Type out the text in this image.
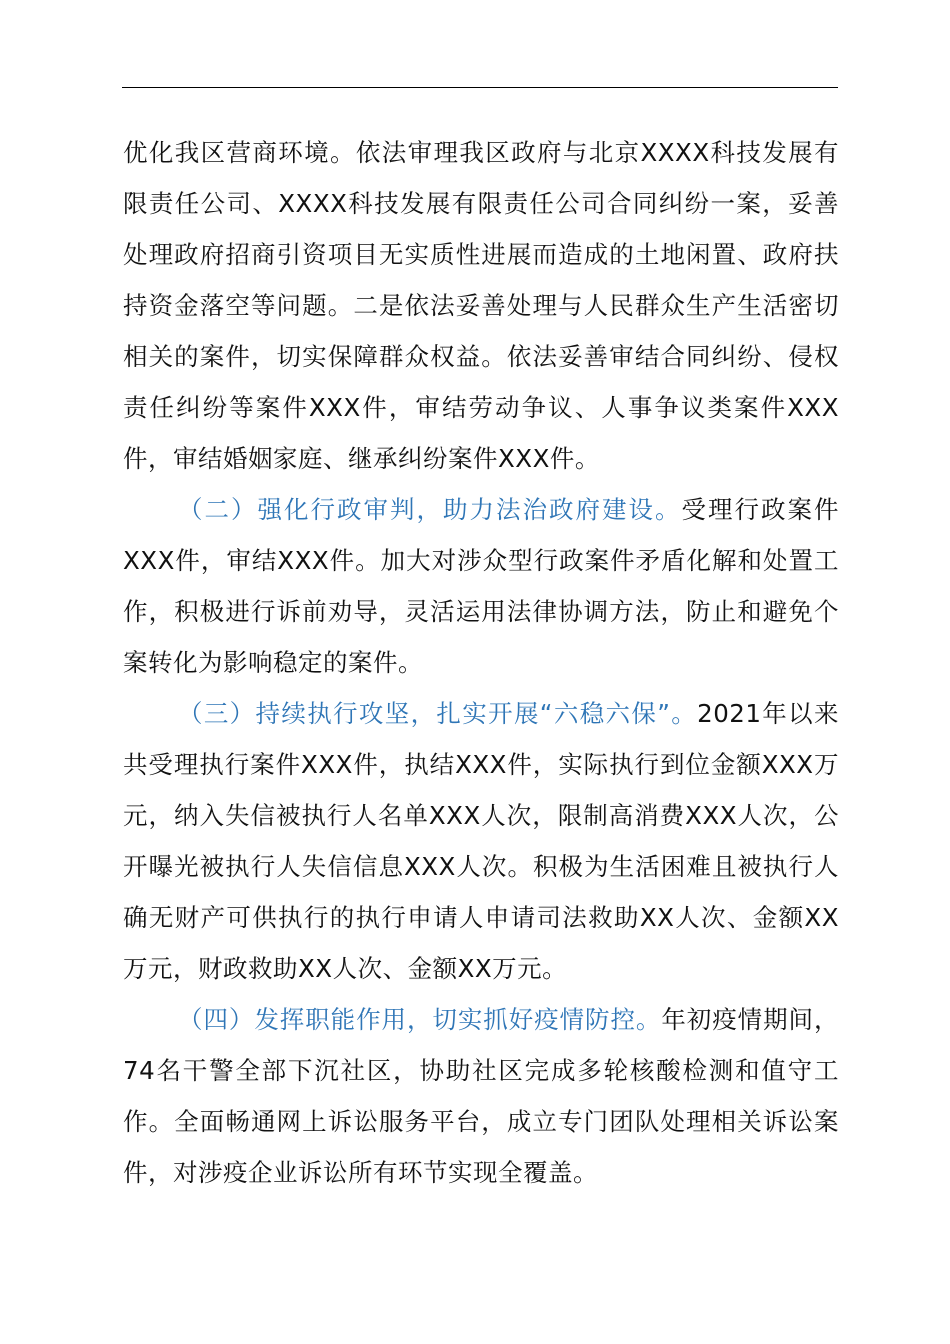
优化我区营商环境。依法审理我区政府与北京XXXX科技发展有限责任公司、XXXX科技发展有限责任公司合同纠纷一案，妥善处理政府招商引资项目无实质性进展而造成的土地闲置、政府扶持资金落空等问题。二是依法妥善处理与人民群众生产生活密切相关的案件，切实保障群众权益。依法妥善审结合同纠纷、侵权责任纠纷等案件XXX件，审结劳动争议、人事争议类案件XXX件，审结婚姻家庭、继承纠纷案件XXX件。

（二）强化行政审判，助力法治政府建设。受理行政案件XXX件，审结XXX件。加大对涉众型行政案件矛盾化解和处置工作，积极进行诉前劝导，灵活运用法律协调方法，防止和避免个案转化为影响稳定的案件。

（三）持续执行攻坚，扎实开展“六稳六保”。2021年以来共受理执行案件XXX件，执结XXX件，实际执行到位金额XXX万元，纳入失信被执行人名单XXX人次，限制高消费XXX人次，公开曝光被执行人失信信息XXX人次。积极为生活困难且被执行人确无财产可供执行的执行申请人申请司法救助XX人次、金额XX万元，财政救助XX人次、金额XX万元。

（四）发挥职能作用，切实抓好疫情防控。年初疫情期间，74名干警全部下沉社区，协助社区完成多轮核酸检测和值守工作。全面畅通网上诉讼服务平台，成立专门团队处理相关诉讼案件，对涉疫企业诉讼所有环节实现全覆盖。
